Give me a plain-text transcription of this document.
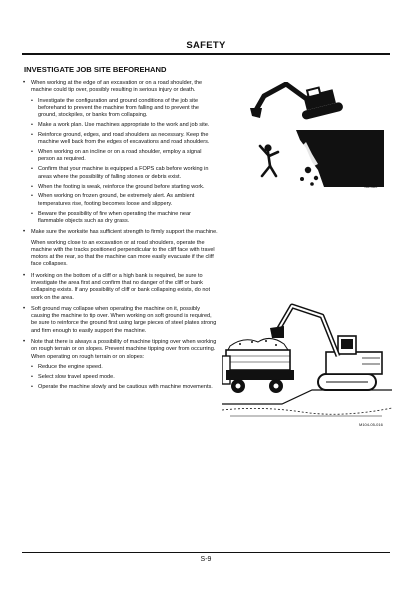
SAFETY
INVESTIGATE JOB SITE BEFOREHAND

• When working at the edge of an excavation or on a road shoulder, the machine could tip over, possibly resulting in serious injury or death.

• Investigate the configuration and ground conditions of the job site beforehand to prevent the machine from falling and to prevent the ground, stockpiles, or banks from collapsing.
• Make a work plan. Use machines appropriate to the work and job site.
• Reinforce ground, edges, and road shoulders as necessary. Keep the machine well back from the edges of excavations and road shoulders.
• When working on an incline or on a road shoulder, employ a signal person as required.
• Confirm that your machine is equipped a FOPS cab before working in areas where the possibility of falling stones or debris exist.
• When the footing is weak, reinforce the ground before starting work.
• When working on frozen ground, be extremely alert. As ambient temperatures rise, footing becomes loose and slippery.
• Beware the possibility of fire when operating the machine near flammable objects such as dry grass.

• Make sure the worksite has sufficient strength to firmly support the machine.

When working close to an excavation or at road shoulders, operate the machine with the tracks positioned perpendicular to the cliff face with travel motors at the rear, so that the machine can more easily evacuate if the cliff face collapses.

• If working on the bottom of a cliff or a high bank is required, be sure to investigate the area first and confirm that no danger of the cliff or bank collapsing exists. If any possibility of cliff or bank collapsing exists, do not work on the area.

• Soft ground may collapse when operating the machine on it, possibly causing the machine to tip over. When working on soft ground is required, be sure to reinforce the ground first using large pieces of steel plates strong and firm enough to easily support the machine.

• Note that there is always a possibility of machine tipping over when working on rough terrain or on slopes. Prevent machine tipping over from occurring. When operating on rough terrain or on slopes:

• Reduce the engine speed.
• Select slow travel speed mode.
• Operate the machine slowly and be cautious with machine movements.
SA-380
M104-05-016
S-9
